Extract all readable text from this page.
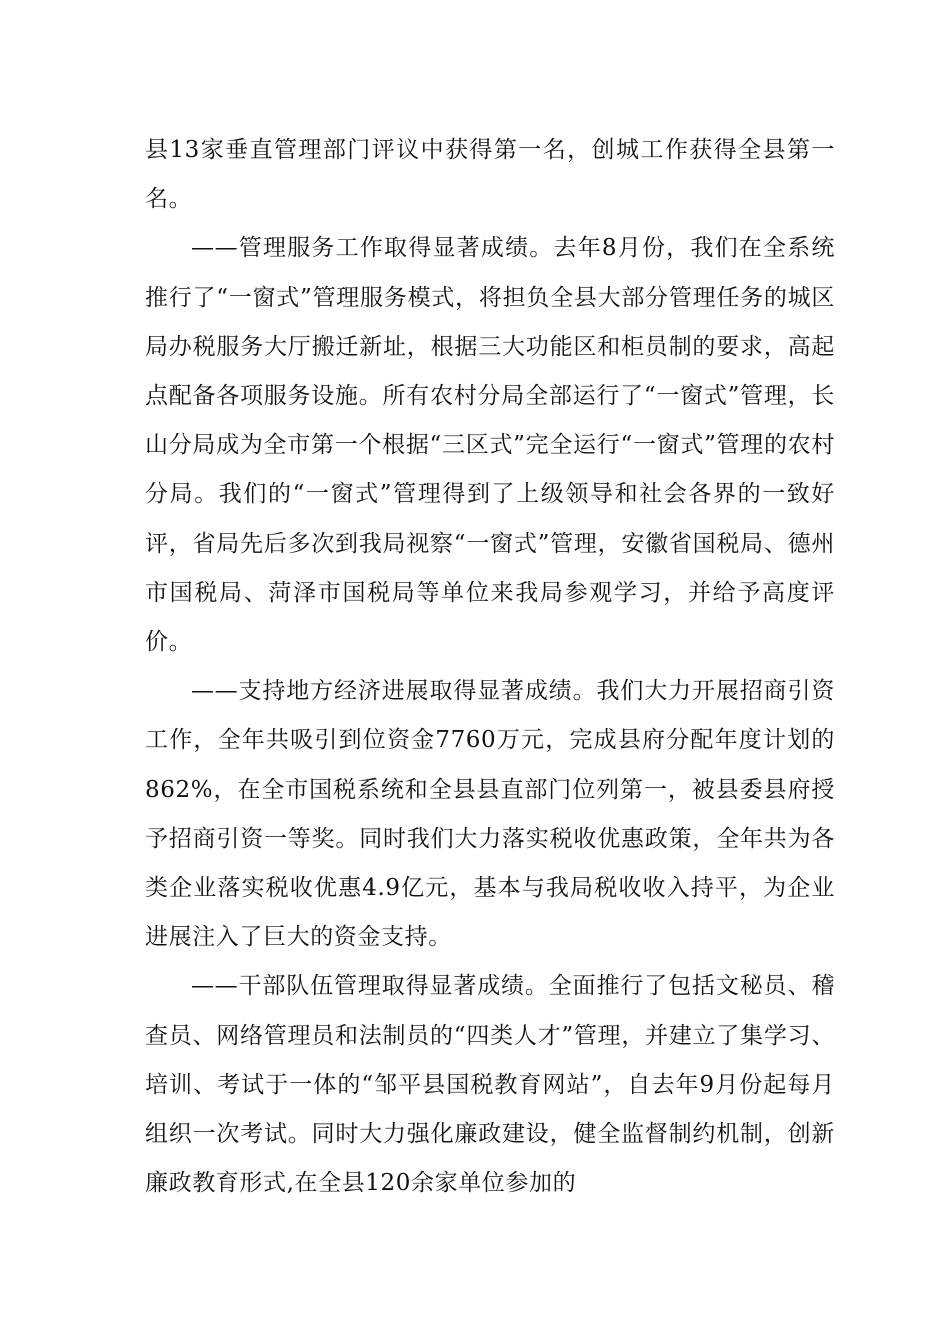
县13家垂直管理部门评议中获得第一名，创城工作获得全县第一名。

——管理服务工作取得显著成绩。去年8月份，我们在全系统推行了“一窗式”管理服务模式，将担负全县大部分管理任务的城区局办税服务大厅搬迁新址，根据三大功能区和柜员制的要求，高起点配备各项服务设施。所有农村分局全部运行了“一窗式”管理，长山分局成为全市第一个根据“三区式”完全运行“一窗式”管理的农村分局。我们的“一窗式”管理得到了上级领导和社会各界的一致好评，省局先后多次到我局视察“一窗式”管理，安徽省国税局、德州市国税局、菏泽市国税局等单位来我局参观学习，并给予高度评价。

——支持地方经济进展取得显著成绩。我们大力开展招商引资工作，全年共吸引到位资金7760万元，完成县府分配年度计划的862%，在全市国税系统和全县县直部门位列第一，被县委县府授予招商引资一等奖。同时我们大力落实税收优惠政策，全年共为各类企业落实税收优惠4.9亿元，基本与我局税收收入持平，为企业进展注入了巨大的资金支持。

——干部队伍管理取得显著成绩。全面推行了包括文秘员、稽查员、网络管理员和法制员的“四类人才”管理，并建立了集学习、培训、考试于一体的“邹平县国税教育网站”，自去年9月份起每月组织一次考试。同时大力强化廉政建设，健全监督制约机制，创新廉政教育形式,在全县120余家单位参加的
